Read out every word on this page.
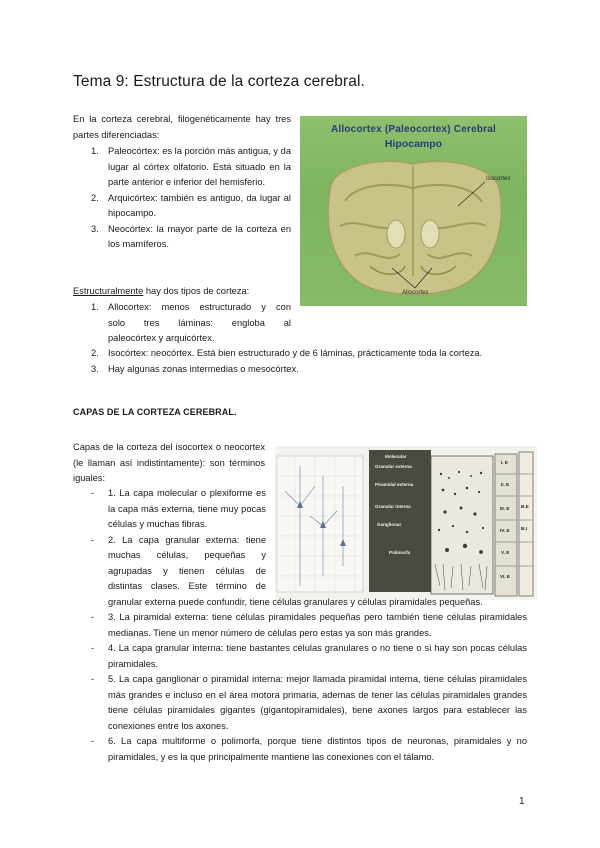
Tema 9: Estructura de la corteza cerebral.

En la corteza cerebral, filogenéticamente hay tres partes diferenciadas:

1. Paleocórtex: es la porción más antigua, y da lugar al córtex olfatorio. Está situado en la parte anterior e inferior del hemisferio.
2. Arquicórtex: también es antiguo, da lugar al hipocampo.
3. Neocórtex: la mayor parte de la corteza en los mamíferos.

Estructuralmente hay dos tipos de corteza:

1. Allocortex: menos estructurado y con
solo tres láminas: engloba al
paleocórtex y arquicórtex.
2. Isocórtex: neocórtex. Está bien estructurado y de 6 láminas, prácticamente toda la corteza.
3. Hay algunas zonas intermedias o mesocórtex.
Allocortex (Paleocortex) Cerebral
Hipocampo
Isocortex
Allocortex
CAPAS DE LA CORTEZA CEREBRAL.

Capas de la corteza del isocortex o neocortex (le llaman así indistintamente): son términos iguales:

Molecular
Granular externa
Piramidal externa
Granular interna
Ganglionar
Polimorfa
I. E
II. E
III. E
IV. E
V. E
VI. E
B.E
B.I
- 1. La capa molecular o plexiforme es la capa más externa, tiene muy pocas células y muchas fibras.
- 2. La capa granular externa: tiene muchas células, pequeñas y agrupadas y tienen células de distintas clases. Este término de
granular externa puede confundir, tiene células granulares y células piramidales pequeñas.
- 3. La piramidal externa: tiene células piramidales pequeñas pero también tiene células piramidales medianas. Tiene un menor número de células pero estas ya son más grandes.
- 4. La capa granular interna: tiene bastantes células granulares o no tiene o si hay son pocas células piramidales.
- 5. La capa ganglionar o piramidal interna: mejor llamada piramidal interna, tiene células piramidales más grandes e incluso en el área motora primaria, ademas de tener las células piramidales grandes tiene células piramidales gigantes (gigantopiramidales), tiene axones largos para establecer las conexiones entre los axones.
- 6. La capa multiforme o polimorfa, porque tiene distintos tipos de neuronas, piramidales y no piramidales, y es la que principalmente mantiene las conexiones con el tálamo.
1
